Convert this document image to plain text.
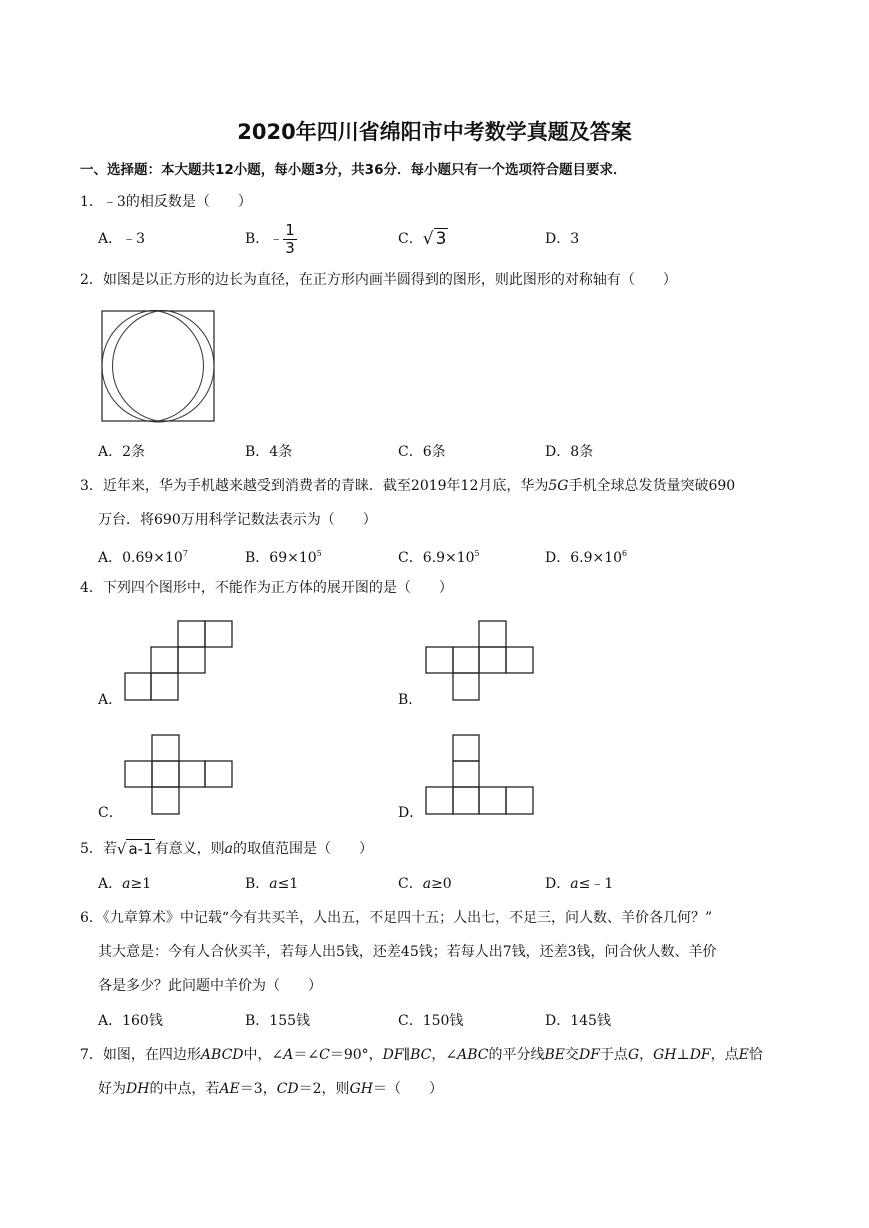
2020年四川省绵阳市中考数学真题及答案
一、选择题：本大题共12小题，每小题3分，共36分．每小题只有一个选项符合题目要求．
1．﹣3的相反数是（　　）
A．﹣3	B．﹣ $\frac{1}{3}$	C．√ 3	D．3
2．如图是以正方形的边长为直径，在正方形内画半圆得到的图形，则此图形的对称轴有（　　）
A．2条	B．4条	C．6条	D．8条
3．近年来，华为手机越来越受到消费者的青睐．截至2019年12月底，华为5G手机全球总发货量突破690
万台．将690万用科学记数法表示为（　　）
A．$0.69\times 10^7$	B．$69\times 10^5$	C．$6.9\times 10^5$	D．$6.9\times 10^6$
4．下列四个图形中，不能作为正方体的展开图的是（　　）
A．	B．
C．	D．
5．若√ a-1 有意义，则a的取值范围是（　　）
A．a≥1	B．a≤1	C．a≥0	D．a≤﹣1
6．《九章算术》中记载“今有共买羊，人出五，不足四十五；人出七，不足三，问人数、羊价各几何？”
其大意是：今有人合伙买羊，若每人出5钱，还差45钱；若每人出7钱，还差3钱，问合伙人数、羊价
各是多少？此问题中羊价为（　　）
A．160钱	B．155钱	C．150钱	D．145钱
7．如图，在四边形ABCD中，∠A＝∠C＝90°，DF∥BC，∠ABC的平分线BE交DF于点G，GH⊥DF，点E恰
好为DH的中点，若AE＝3，CD＝2，则GH＝（　　）
